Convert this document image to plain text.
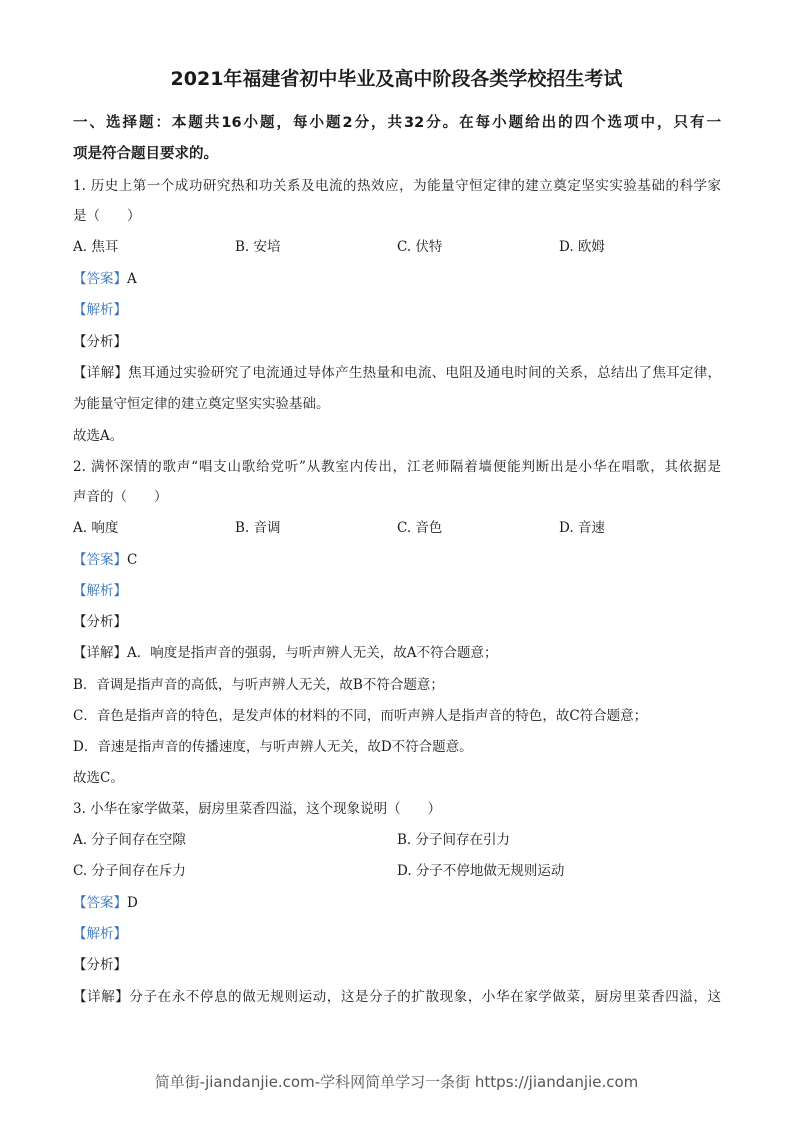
2021年福建省初中毕业及高中阶段各类学校招生考试
一、选择题：本题共16小题，每小题2分，共32分。在每小题给出的四个选项中，只有一
项是符合题目要求的。
1. 历史上第一个成功研究热和功关系及电流的热效应，为能量守恒定律的建立奠定坚实实验基础的科学家
是（　　）
A. 焦耳	B. 安培	C. 伏特	D. 欧姆
【答案】A
【解析】
【分析】
【详解】焦耳通过实验研究了电流通过导体产生热量和电流、电阻及通电时间的关系，总结出了焦耳定律，
为能量守恒定律的建立奠定坚实实验基础。
故选A。
2. 满怀深情的歌声“唱支山歌给党听”从教室内传出，江老师隔着墙便能判断出是小华在唱歌，其依据是
声音的（　　）
A. 响度	B. 音调	C. 音色	D. 音速
【答案】C
【解析】
【分析】
【详解】A．响度是指声音的强弱，与听声辨人无关，故A不符合题意；
B．音调是指声音的高低，与听声辨人无关，故B不符合题意；
C．音色是指声音的特色，是发声体的材料的不同，而听声辨人是指声音的特色，故C符合题意；
D．音速是指声音的传播速度，与听声辨人无关，故D不符合题意。
故选C。
3. 小华在家学做菜，厨房里菜香四溢，这个现象说明（　　）
A. 分子间存在空隙	B. 分子间存在引力
C. 分子间存在斥力	D. 分子不停地做无规则运动
【答案】D
【解析】
【分析】
【详解】分子在永不停息的做无规则运动，这是分子的扩散现象，小华在家学做菜，厨房里菜香四溢，这
简单街-jiandanjie.com-学科网简单学习一条街 https://jiandanjie.com
